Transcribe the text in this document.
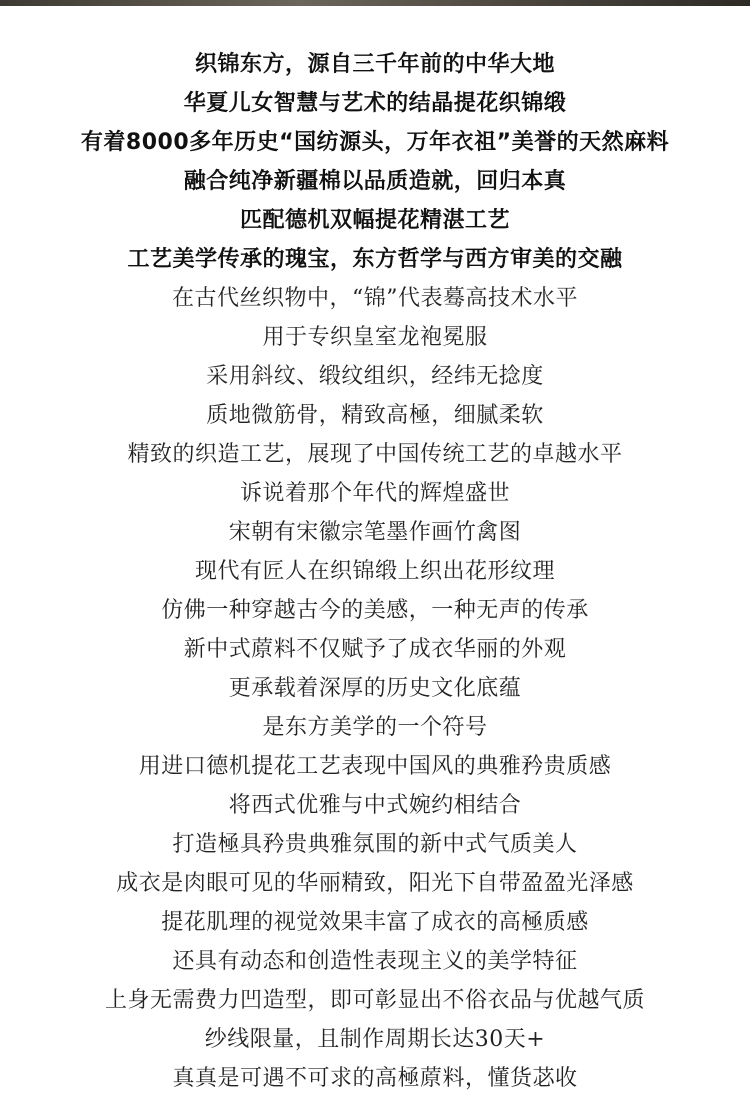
织锦东方，源自三千年前的中华大地
华夏儿女智慧与艺术的结晶提花织锦缎
有着8000多年历史“国纺源头，万年衣祖”美誉的天然麻料
融合纯净新疆棉以品质造就，回归本真
匹配德机双幅提花精湛工艺
工艺美学传承的瑰宝，东方哲学与西方审美的交融
在古代丝织物中，“锦”代表蓦高技术水平
用于专织皇室龙袍冕服
采用斜纹、缎纹组织，经纬无捻度
质地微筋骨，精致高極，细腻柔软
精致的织造工艺，展现了中国传统工艺的卓越水平
诉说着那个年代的辉煌盛世
宋朝有宋徽宗笔墨作画竹禽图
现代有匠人在织锦缎上织出花形纹理
仿佛一种穿越古今的美感，一种无声的传承
新中式蒝料不仅赋予了成衣华丽的外观
更承载着深厚的历史文化底蕴
是东方美学的一个符号
用进口德机提花工艺表现中国风的典雅矜贵质感
将西式优雅与中式婉约相结合
打造極具矜贵典雅氛围的新中式气质美人
成衣是肉眼可见的华丽精致，阳光下自带盈盈光泽感
提花肌理的视觉效果丰富了成衣的高極质感
还具有动态和创造性表现主义的美学特征
上身无需费力凹造型，即可彰显出不俗衣品与优越气质
纱线限量，且制作周期长达30天+
真真是可遇不可求的高極蒝料，懂货苾收
